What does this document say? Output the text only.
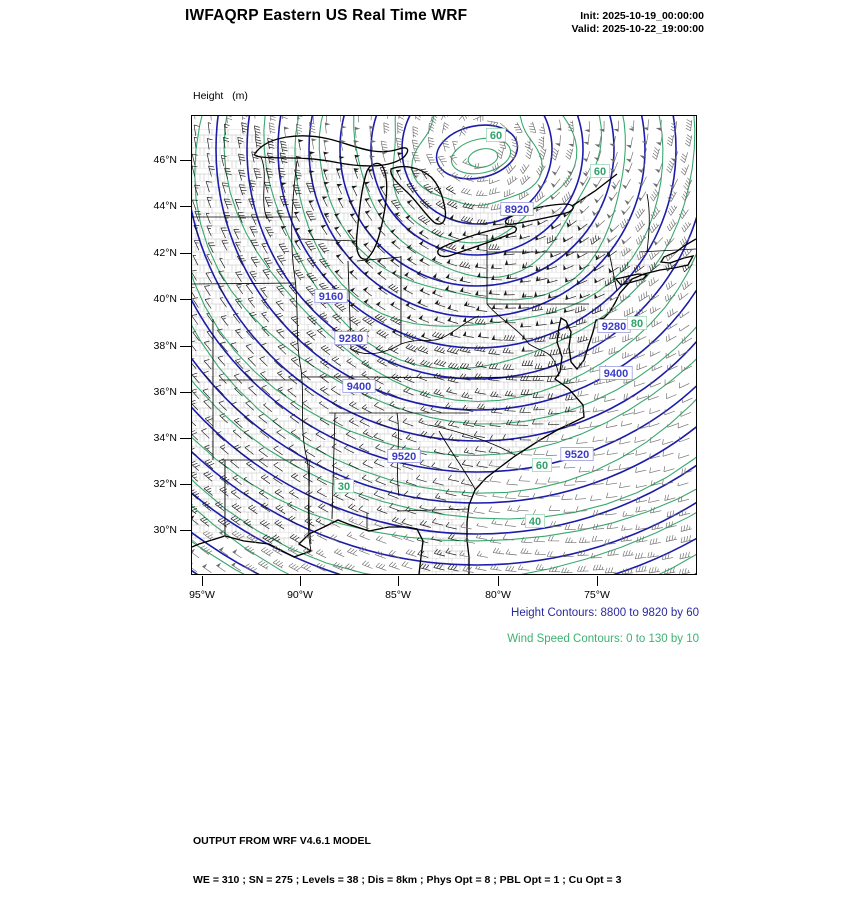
IWFAQRP Eastern US Real Time WRF	Init: 2025-10-19_00:00:00
Valid: 2025-10-22_19:00:00

Height   (m)

8920
9160
9280
9400
9280
9400
9520
9520
60
60
80
60
40
30
Height Contours: 8800 to 9820 by 60
Wind Speed Contours: 0 to 130 by 10

OUTPUT FROM WRF V4.6.1 MODEL

WE = 310 ; SN = 275 ; Levels = 38 ; Dis = 8km ; Phys Opt = 8 ; PBL Opt = 1 ; Cu Opt = 3

46°N
44°N
42°N
40°N
38°N
36°N
34°N
32°N
30°N
95°W	90°W	85°W	80°W	75°W
